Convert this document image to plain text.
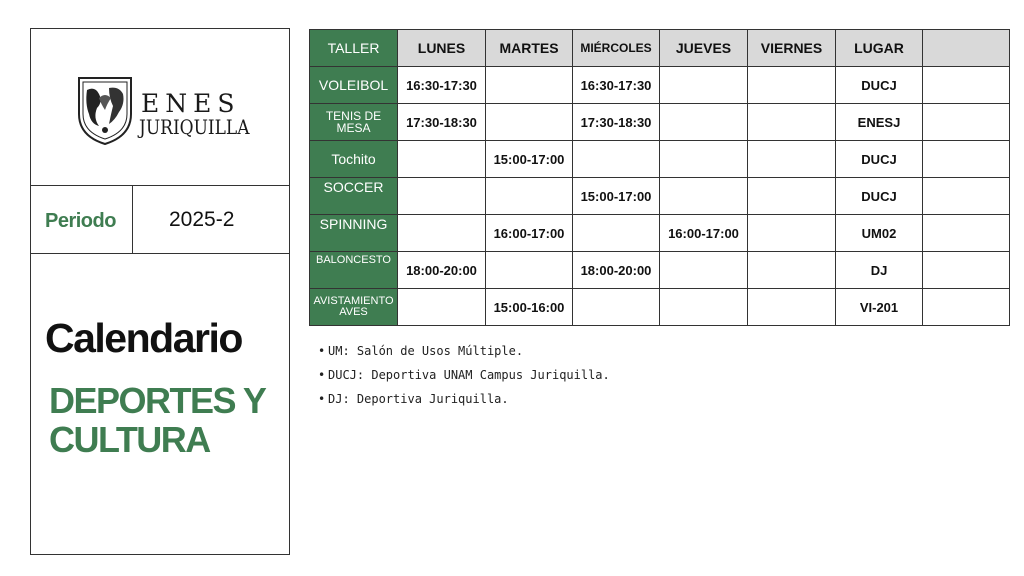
ENES
JURIQUILLA
Periodo	2025-2
Calendario
DEPORTES Y CULTURA
TALLER	LUNES	MARTES	MIÉRCOLES	JUEVES	VIERNES	LUGAR	
VOLEIBOL	16:30-17:30		16:30-17:30			DUCJ	
TENIS DE MESA	17:30-18:30		17:30-18:30			ENESJ	
Tochito		15:00-17:00				DUCJ	
SOCCER			15:00-17:00			DUCJ	
SPINNING		16:00-17:00		16:00-17:00		UM02	
BALONCESTO	18:00-20:00		18:00-20:00			DJ	
AVISTAMIENTO AVES		15:00-16:00				VI-201	
• UM: Salón de Usos Múltiple.
• DUCJ: Deportiva UNAM Campus Juriquilla.
• DJ: Deportiva Juriquilla.
